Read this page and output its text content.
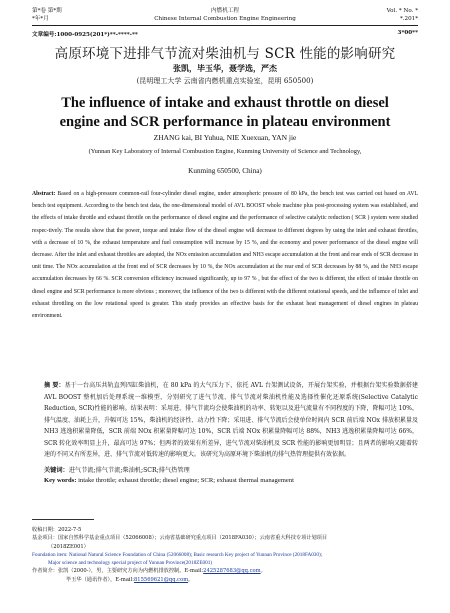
第*卷 第*期	内燃机工程	Vol. * No. *
*年*月	Chinese Internal Combustion Engine Engineering	*.201*
文章编号:1000-0925(201*)**-****-**	3*00**
高原环境下进排气节流对柴油机与 SCR 性能的影响研究
张凯，毕玉华，聂学选，严杰
(昆明理工大学 云南省内燃机重点实验室，昆明 650500)
The influence of intake and exhaust throttle on diesel
engine and SCR performance in plateau environment
ZHANG kai, BI Yuhua, NIE Xuexuan, YAN jie
(Yunnan Key Laboratory of Internal Combustion Engine, Kunming University of Science and Technology,
Kunming 650500, China)
Abstract: Based on a high-pressure common-rail four-cylinder diesel engine, under atmospheric pressure of 80 kPa, the bench test was carried out based on AVL bench test equipment. According to the bench test data, the one-dimensional model of AVL BOOST whole machine plus post-processing system was established, and the effects of intake throttle and exhaust throttle on the performance of diesel engine and the performance of selective catalytic reduction ( SCR ) system were studied respec-tively. The results show that the power, torque and intake flow of the diesel engine will decrease to different degrees by using the inlet and exhaust throttles, with a decrease of 10 %, the exhaust temperature and fuel consumption will increase by 15 %, and the economy and power performance of the diesel engine will decrease. After the inlet and exhaust throttles are adopted, the NOx emission accumulation and NH3 escape accumulation at the front and rear ends of SCR decrease in unit time. The NOx accumulation at the front end of SCR decreases by 10 %, the NOx accumulation at the rear end of SCR decreases by 88 %, and the NH3 escape accumulation decreases by 66 %. SCR conversion efficiency increased significantly, up to 97 % , but the effect of the two is different, the effect of intake throttle on diesel engine and SCR performance is more obvious ; moreover, the influence of the two is different with the different rotational speeds, and the influence of inlet and exhaust throttling on the low rotational speed is greater. This study provides an effective basis for the exhaust heat management of diesel engines in plateau environment.
摘 要：基于一台高压共轨直列四缸柴油机，在 80 kPa 的大气压力下，依托 AVL 台架测试设备，开展台架实验，并根据台架实验数据搭建 AVL BOOST 整机加后处理系统一维模型，分别研究了进气节流、排气节流对柴油机性能及选择性催化还原系统(Selective Catalytic Reduction, SCR)性能的影响。结果表明：采用进、排气节流均会使柴油机的功率、转矩以及进气流量有不同程度的下降，降幅可达 10%，排气温度、油耗上升，升幅可达 15%，柴油机的经济性、动力性下降；采用进、排气节流后会使单位时间内 SCR 前后端 NOx 排放积累量及 NH3 逃逸积累量降低，SCR 前端 NOx 积累量降幅可达 10%，SCR 后端 NOx 积累量降幅可达 88%，NH3 逃逸积累量降幅可达 66%，SCR 转化效率明显上升，最高可达 97%；但两者的效果有所差异，进气节流对柴油机及 SCR 性能的影响更加明显；且两者的影响又随着转速的不同又有所差异，进、排气节流对低转速的影响更大。该研究为高原环境下柴油机的排气热管理提供有效依据。
关键词：进气节流;排气节流;柴油机;SCR;排气热管理
Key words: intake throttle; exhaust throttle; diesel engine; SCR; exhaust thermal management
收稿日期：2022-7-5
基金项目：国家自然科学基金重点项目（52066008）；云南省基础研究重点项目（2018FA030）；云南省重大科技专项计划项目
（2018ZE001）
Foundation item: National Natural Science Foundation of China (52066008); Basic research Key project of Yunnan Province (2018FA030);
Major science and technology special project of Yunnan Province(2018ZE001)
作者简介：张凯（2000-），男，主要研究方向为内燃机排放控制。E-mail:2425287683@qq.com。
毕玉华（通讯作者），E-mail:815569621@qq.com。
